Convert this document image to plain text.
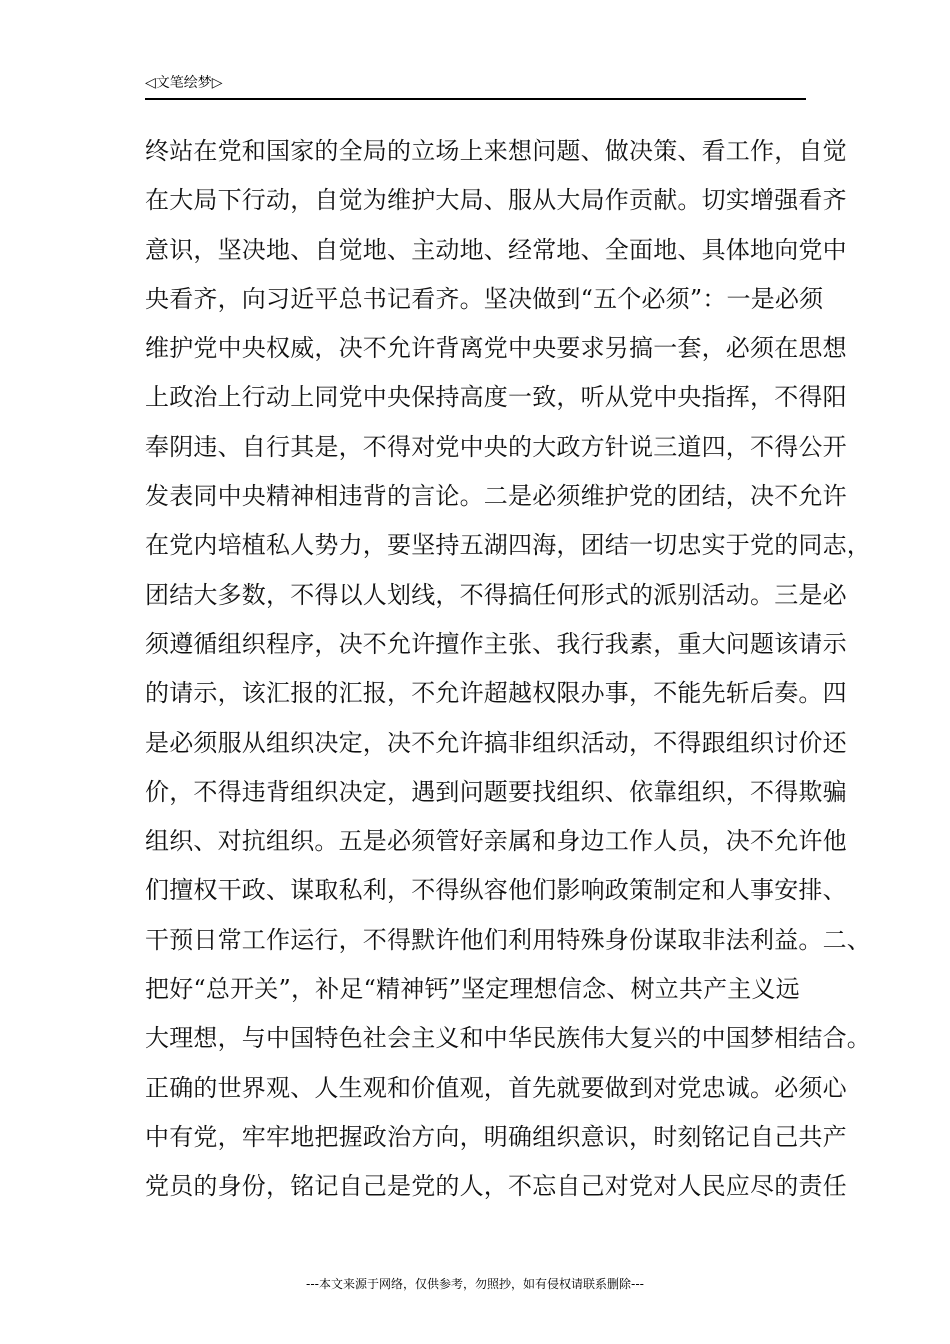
◁文笔绘梦▷
终站在党和国家的全局的立场上来想问题、做决策、看工作，自觉
在大局下行动，自觉为维护大局、服从大局作贡献。切实增强看齐
意识，坚决地、自觉地、主动地、经常地、全面地、具体地向党中
央看齐，向习近平总书记看齐。坚决做到“五个必须”：一是必须
维护党中央权威，决不允许背离党中央要求另搞一套，必须在思想
上政治上行动上同党中央保持高度一致，听从党中央指挥，不得阳
奉阴违、自行其是，不得对党中央的大政方针说三道四，不得公开
发表同中央精神相违背的言论。二是必须维护党的团结，决不允许
在党内培植私人势力，要坚持五湖四海，团结一切忠实于党的同志，
团结大多数，不得以人划线，不得搞任何形式的派别活动。三是必
须遵循组织程序，决不允许擅作主张、我行我素，重大问题该请示
的请示，该汇报的汇报，不允许超越权限办事，不能先斩后奏。四
是必须服从组织决定，决不允许搞非组织活动，不得跟组织讨价还
价，不得违背组织决定，遇到问题要找组织、依靠组织，不得欺骗
组织、对抗组织。五是必须管好亲属和身边工作人员，决不允许他
们擅权干政、谋取私利，不得纵容他们影响政策制定和人事安排、
干预日常工作运行，不得默许他们利用特殊身份谋取非法利益。二、
把好“总开关”，补足“精神钙”坚定理想信念、树立共产主义远
大理想，与中国特色社会主义和中华民族伟大复兴的中国梦相结合。
正确的世界观、人生观和价值观，首先就要做到对党忠诚。必须心
中有党，牢牢地把握政治方向，明确组织意识，时刻铭记自己共产
党员的身份，铭记自己是党的人，不忘自己对党对人民应尽的责任
---本文来源于网络，仅供参考，勿照抄，如有侵权请联系删除---
